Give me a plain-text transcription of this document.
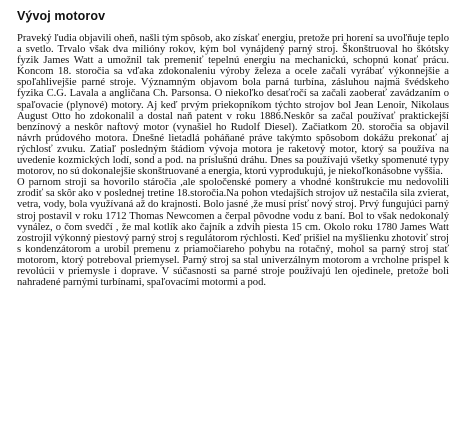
Vývoj motorov

Praveký ľudia objavili oheň, našli tým spôsob, ako získať energiu, pretože pri horení sa uvoľňuje teplo a svetlo. Trvalo však dva milióny rokov, kým bol vynájdený parný stroj. Škonštruoval ho škótsky fyzik James Watt a umožnil tak premeniť tepelnú energiu na mechanickú, schopnú konať prácu. Koncom 18. storočia sa vďaka zdokonaleniu výroby železa a ocele začali vyrábať výkonnejšie a spoľahlivejšie parné stroje. Významným objavom bola parná turbína, zásluhou najmä švédskeho fyzika C.G. Lavala a angličana Ch. Parsonsa. O niekoľko desaťročí sa začali zaoberať zavádzaním o spaľovacie (plynové) motory. Aj keď prvým priekopníkom týchto strojov bol Jean Lenoir, Nikolaus August Otto ho zdokonalil a dostal naň patent v roku 1886.Neskôr sa začal používať praktickejší benzínový a neskôr naftový motor (vynašiel ho Rudolf Diesel). Začiatkom 20. storočia sa objavil návrh prúdového motora. Dnešné lietadlá poháňané práve takýmto spôsobom dokážu prekonať aj rýchlosť zvuku. Zatiaľ posledným štádiom vývoja motora je raketový motor, ktorý sa používa na uvedenie kozmických lodí, sond a pod. na príslušnú dráhu. Dnes sa používajú všetky spomenuté typy motorov, no sú dokonalejšie skonštruované a energia, ktorú vyprodukujú, je niekoľkonásobne vyššia.

O parnom stroji sa hovorilo stáročia ,ale spoločenské pomery a vhodné konštrukcie mu nedovolili zrodiť sa skôr ako v poslednej tretine 18.storočia.Na pohon vtedajších strojov už nestačila sila zvierat, vetra, vody, bola využívaná až do krajnosti. Bolo jasné ,že musí prísť nový stroj. Prvý fungujúci parný stroj postavil v roku 1712 Thomas Newcomen a čerpal pôvodne vodu z baní. Bol to však nedokonalý vynález, o čom svedčí , že mal kotlík ako čajník a zdvih piesta 15 cm. Okolo roku 1780 James Watt zostrojil výkonný piestový parný stroj s regulátorom rýchlosti. Keď prišiel na myšlienku zhotoviť stroj s kondenzátorom a urobil premenu z priamočiareho pohybu na rotačný, mohol sa parný stroj stať motorom, ktorý potreboval priemysel. Parný stroj sa stal univerzálnym motorom a vrcholne prispel k revolúcii v priemysle i doprave. V súčasnosti sa parné stroje používajú len ojedinele, pretože boli nahradené parnými turbínami, spaľovacími motormi a pod.
